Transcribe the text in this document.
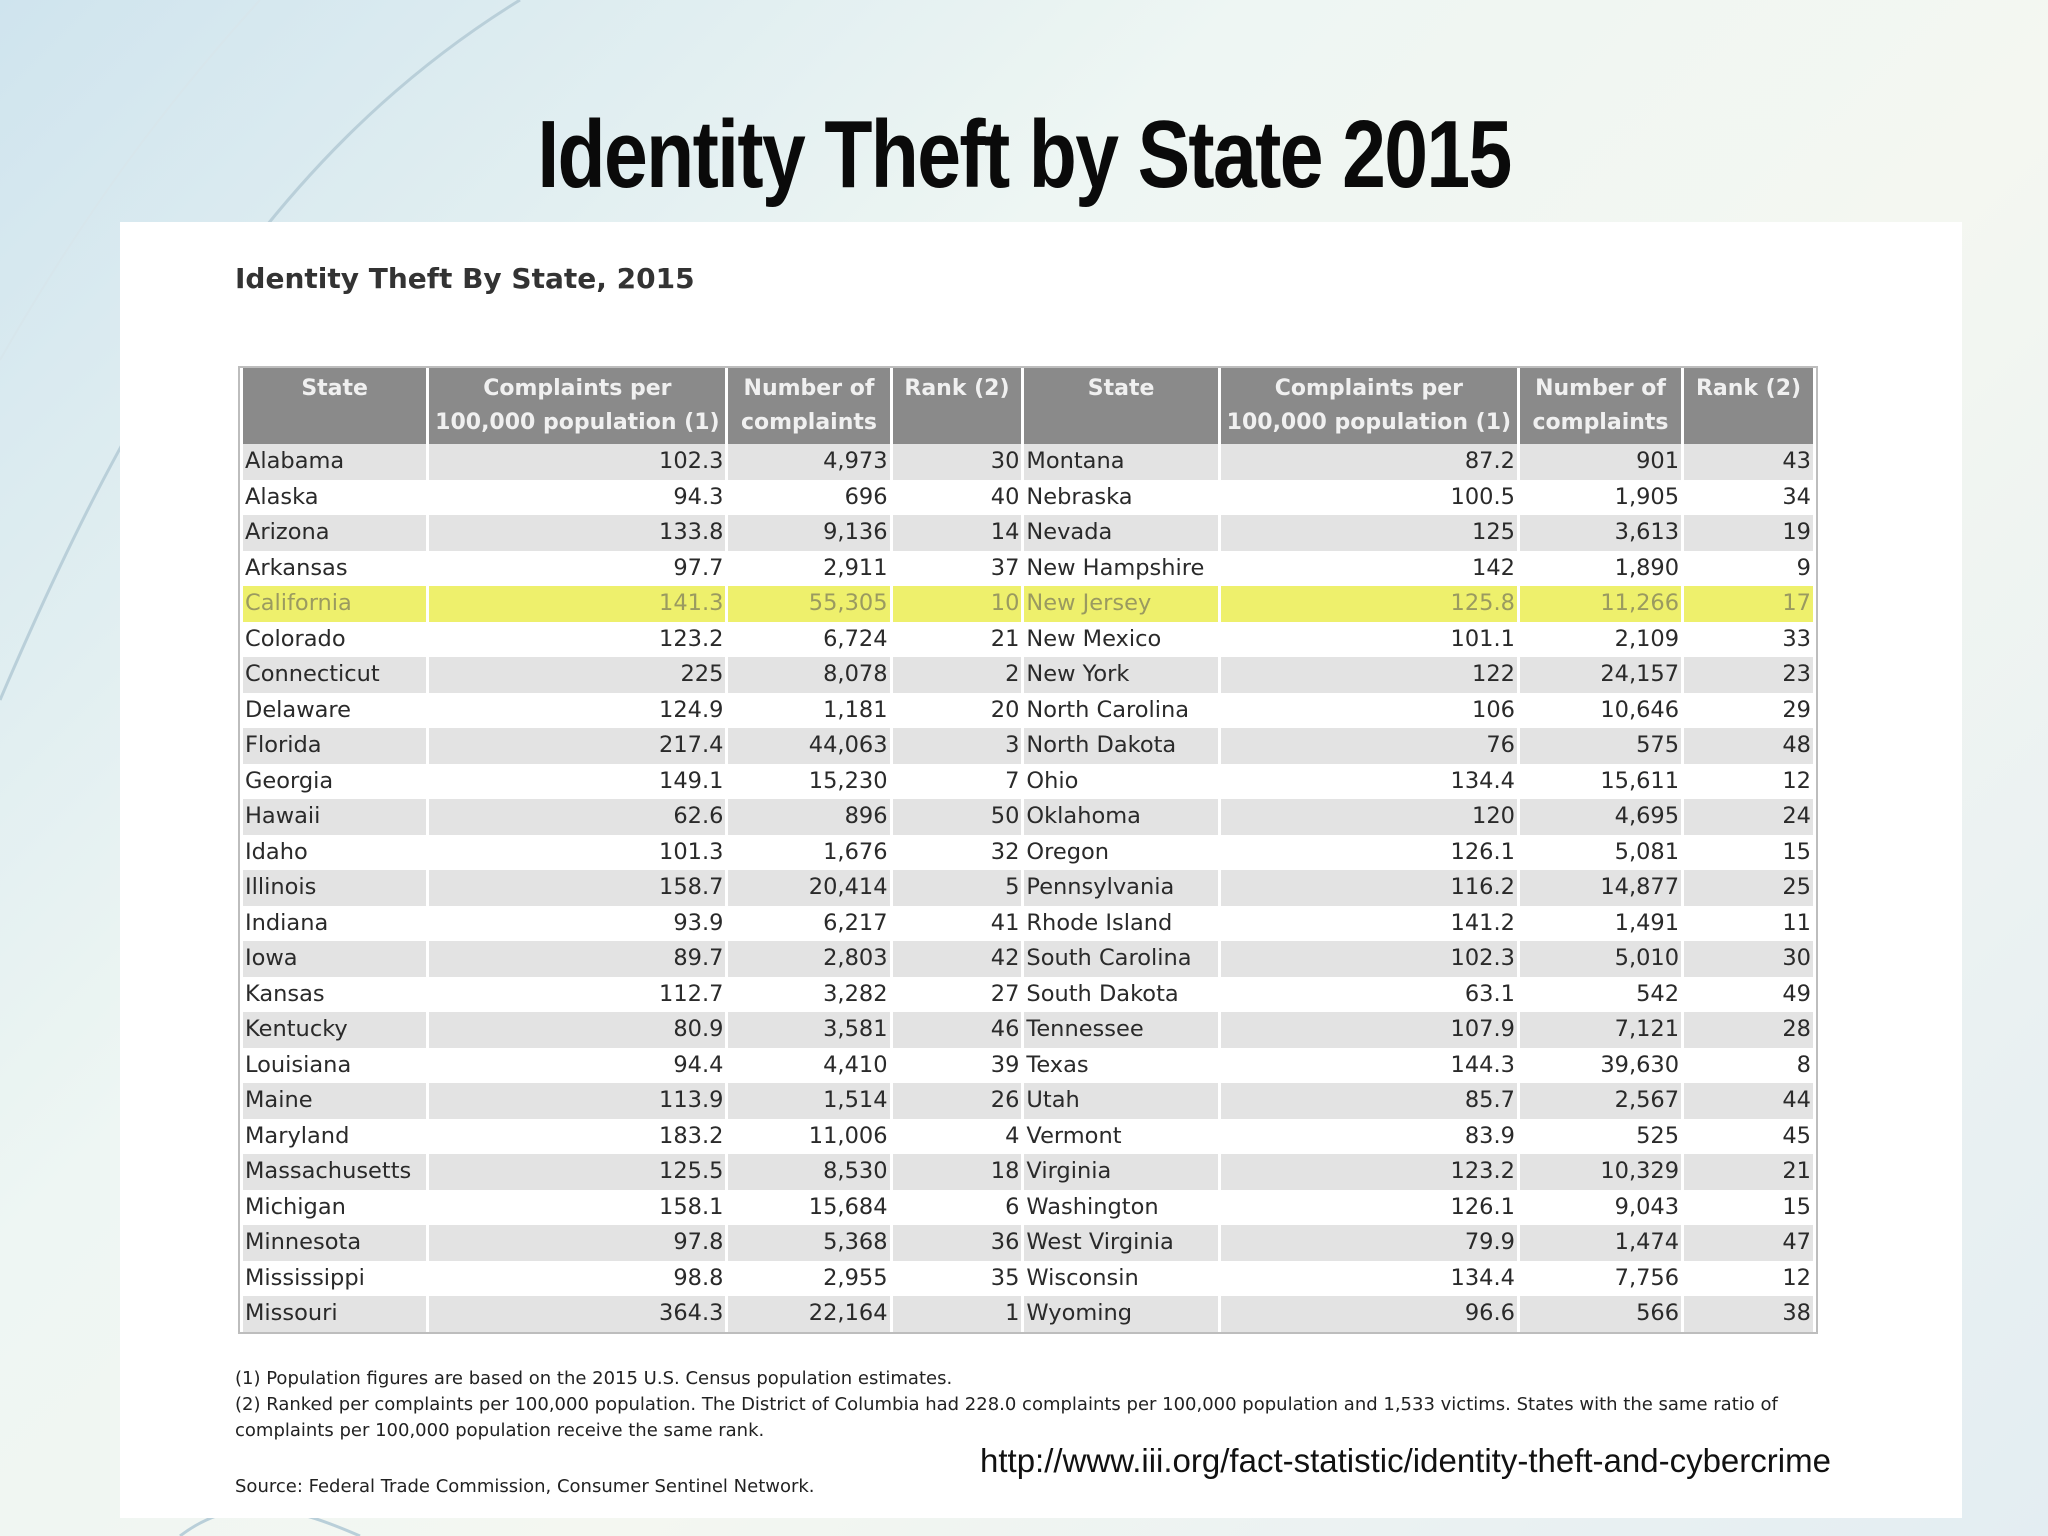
Identity Theft by State 2015
Identity Theft By State, 2015
State	Complaints per 100,000 population (1)	Number of complaints	Rank (2)	State	Complaints per 100,000 population (1)	Number of complaints	Rank (2)
Alabama	102.3	4,973	30	Montana	87.2	901	43
Alaska	94.3	696	40	Nebraska	100.5	1,905	34
Arizona	133.8	9,136	14	Nevada	125	3,613	19
Arkansas	97.7	2,911	37	New Hampshire	142	1,890	9
California	141.3	55,305	10	New Jersey	125.8	11,266	17
Colorado	123.2	6,724	21	New Mexico	101.1	2,109	33
Connecticut	225	8,078	2	New York	122	24,157	23
Delaware	124.9	1,181	20	North Carolina	106	10,646	29
Florida	217.4	44,063	3	North Dakota	76	575	48
Georgia	149.1	15,230	7	Ohio	134.4	15,611	12
Hawaii	62.6	896	50	Oklahoma	120	4,695	24
Idaho	101.3	1,676	32	Oregon	126.1	5,081	15
Illinois	158.7	20,414	5	Pennsylvania	116.2	14,877	25
Indiana	93.9	6,217	41	Rhode Island	141.2	1,491	11
Iowa	89.7	2,803	42	South Carolina	102.3	5,010	30
Kansas	112.7	3,282	27	South Dakota	63.1	542	49
Kentucky	80.9	3,581	46	Tennessee	107.9	7,121	28
Louisiana	94.4	4,410	39	Texas	144.3	39,630	8
Maine	113.9	1,514	26	Utah	85.7	2,567	44
Maryland	183.2	11,006	4	Vermont	83.9	525	45
Massachusetts	125.5	8,530	18	Virginia	123.2	10,329	21
Michigan	158.1	15,684	6	Washington	126.1	9,043	15
Minnesota	97.8	5,368	36	West Virginia	79.9	1,474	47
Mississippi	98.8	2,955	35	Wisconsin	134.4	7,756	12
Missouri	364.3	22,164	1	Wyoming	96.6	566	38
(1) Population figures are based on the 2015 U.S. Census population estimates.
(2) Ranked per complaints per 100,000 population. The District of Columbia had 228.0 complaints per 100,000 population and 1,533 victims. States with the same ratio of complaints per 100,000 population receive the same rank.
Source: Federal Trade Commission, Consumer Sentinel Network.
http://www.iii.org/fact-statistic/identity-theft-and-cybercrime
